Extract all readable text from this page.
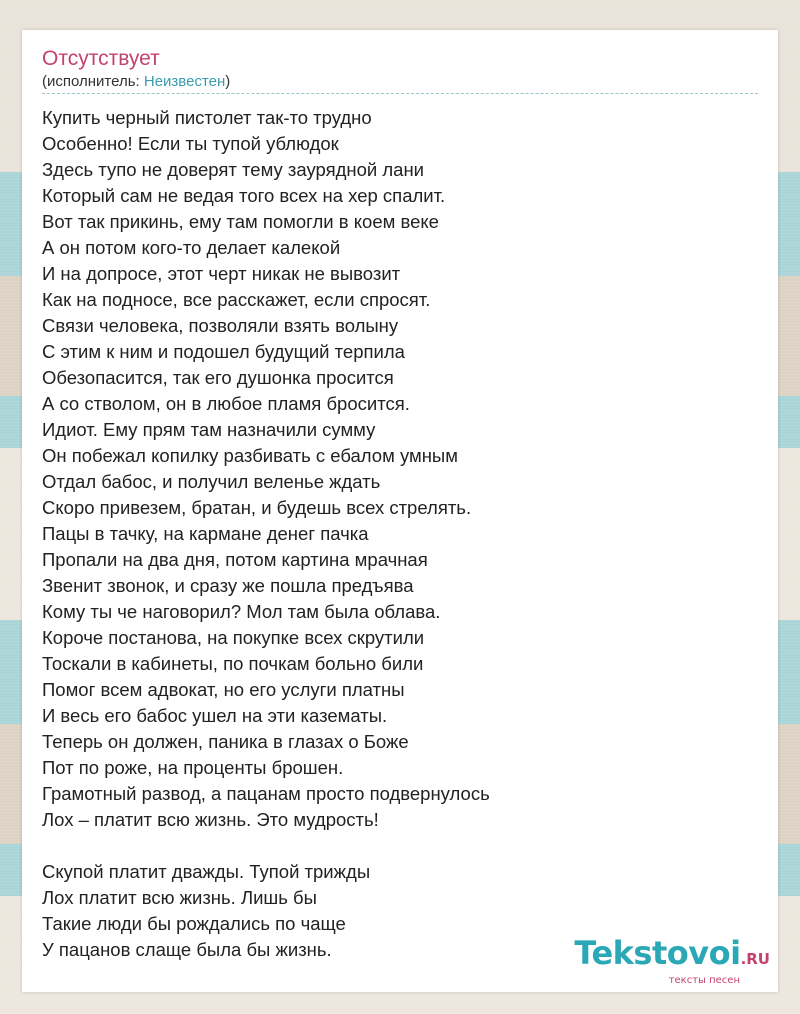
Отсутствует
(исполнитель: Неизвестен)
Купить черный пистолет так-то трудно
Особенно! Если ты тупой ублюдок
Здесь тупо не доверят тему заурядной лани
Который сам не ведая того всех на хер спалит.
Вот так прикинь, ему там помогли в коем веке
А он потом кого-то делает калекой
И на допросе, этот черт никак не вывозит
Как на подносе, все расскажет, если спросят.
Связи человека, позволяли взять волыну
С этим к ним и подошел будущий терпила
Обезопасится, так его душонка просится
А со стволом, он в любое пламя бросится.
Идиот. Ему прям там назначили сумму
Он побежал копилку разбивать с ебалом умным
Отдал бабос, и получил веленье ждать
Скоро привезем, братан, и будешь всех стрелять.
Пацы в тачку, на кармане денег пачка
Пропали на два дня, потом картина мрачная
Звенит звонок, и сразу же пошла предъява
Кому ты че наговорил? Мол там была облава.
Короче постанова, на покупке всех скрутили
Тоскали в кабинеты, по почкам больно били
Помог всем адвокат, но его услуги платны
И весь его бабос ушел на эти казематы.
Теперь он должен, паника в глазах о Боже
Пот по роже, на проценты брошен.
Грамотный развод, а пацанам просто подвернулось
Лох – платит всю жизнь. Это мудрость!
Скупой платит дважды. Тупой трижды
Лох платит всю жизнь. Лишь бы
Такие люди бы рождались по чаще
У пацанов слаще была бы жизнь.	Tekstovoi.RU
тексты песен
